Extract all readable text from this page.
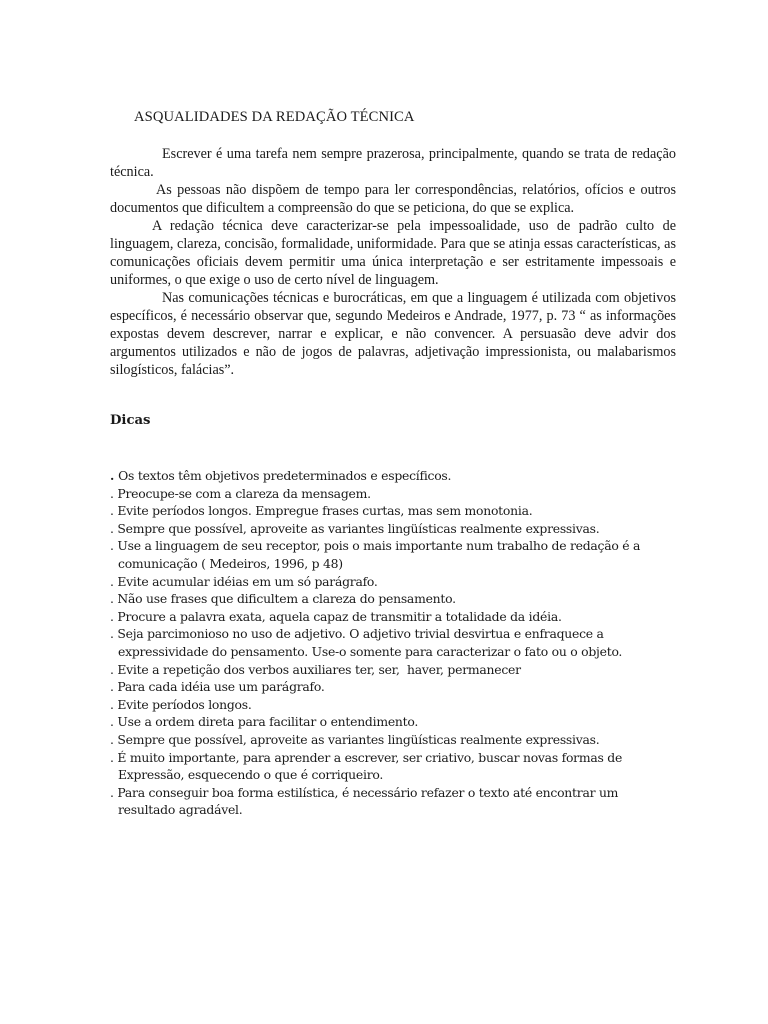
ASQUALIDADES DA REDAÇÃO TÉCNICA

Escrever é uma tarefa nem sempre prazerosa, principalmente, quando se trata de redação técnica.

As pessoas não dispõem de tempo para ler correspondências, relatórios, ofícios e outros documentos que dificultem a compreensão do que se peticiona, do que se explica.

A redação técnica deve caracterizar-se pela impessoalidade, uso de padrão culto de linguagem, clareza, concisão, formalidade, uniformidade. Para que se atinja essas características, as comunicações oficiais devem permitir uma única interpretação e ser estritamente impessoais e uniformes, o que exige o uso de certo nível de linguagem.

Nas comunicações técnicas e burocráticas, em que a linguagem é utilizada com objetivos específicos, é necessário observar que, segundo Medeiros e Andrade, 1977, p. 73 “ as informações expostas devem descrever, narrar e explicar, e não convencer. A persuasão deve advir dos argumentos utilizados e não de jogos de palavras, adjetivação impressionista, ou malabarismos silogísticos, falácias”.

Dicas
. Os textos têm objetivos predeterminados e específicos.
. Preocupe-se com a clareza da mensagem.
. Evite períodos longos. Empregue frases curtas, mas sem monotonia.
. Sempre que possível, aproveite as variantes lingüísticas realmente expressivas.
. Use a linguagem de seu receptor, pois o mais importante num trabalho de redação é a
comunicação ( Medeiros, 1996, p 48)
. Evite acumular idéias em um só parágrafo.
. Não use frases que dificultem a clareza do pensamento.
. Procure a palavra exata, aquela capaz de transmitir a totalidade da idéia.
. Seja parcimonioso no uso de adjetivo. O adjetivo trivial desvirtua e enfraquece a
expressividade do pensamento. Use-o somente para caracterizar o fato ou o objeto.
. Evite a repetição dos verbos auxiliares ter, ser,  haver, permanecer
. Para cada idéia use um parágrafo.
. Evite períodos longos.
. Use a ordem direta para facilitar o entendimento.
. Sempre que possível, aproveite as variantes lingüísticas realmente expressivas.
. É muito importante, para aprender a escrever, ser criativo, buscar novas formas de
Expressão, esquecendo o que é corriqueiro.
. Para conseguir boa forma estilística, é necessário refazer o texto até encontrar um
resultado agradável.
